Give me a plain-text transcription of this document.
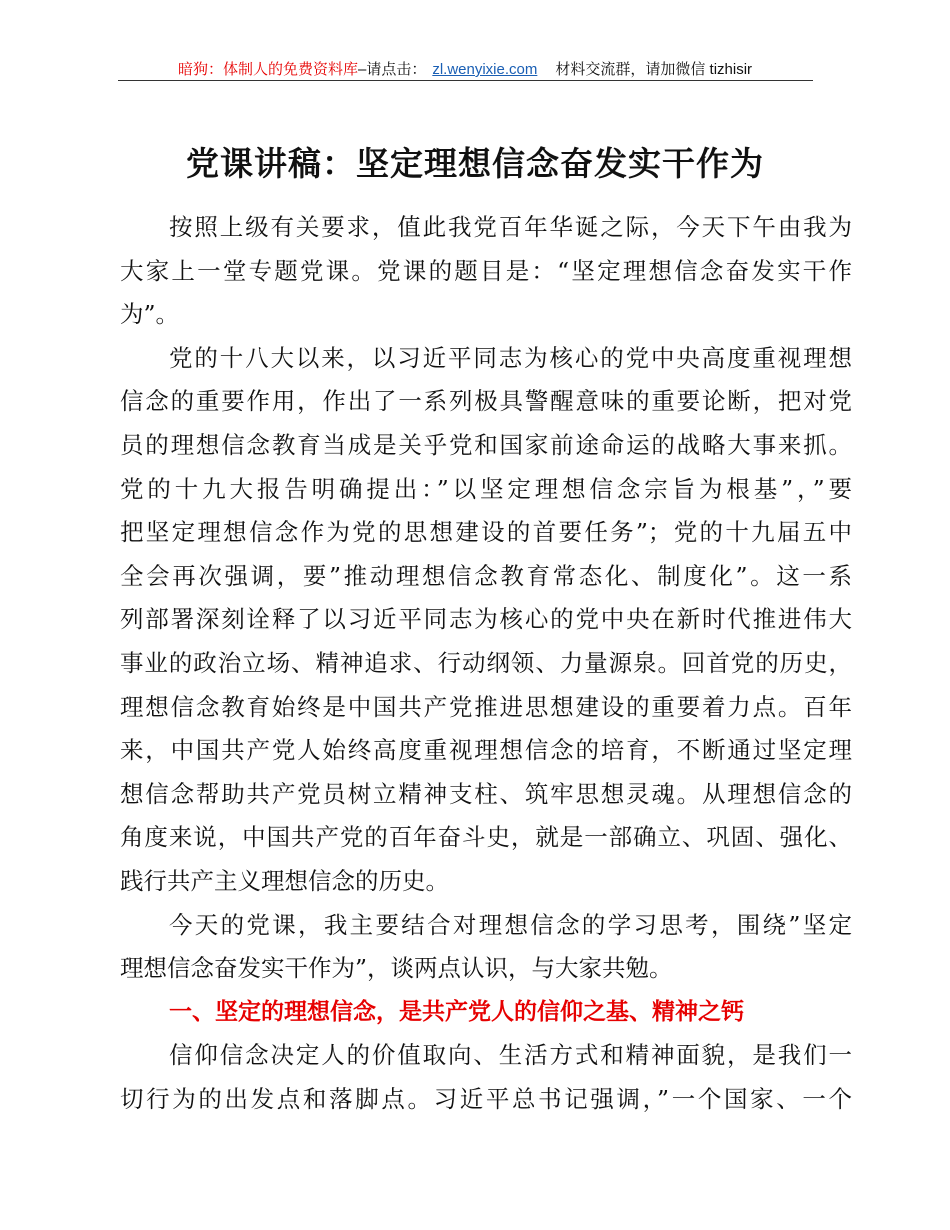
暗狗：体制人的免费资料库–请点击： zl.wenyixie.com 材料交流群，请加微信 tizhisir
党课讲稿：坚定理想信念奋发实干作为
按照上级有关要求，值此我党百年华诞之际，今天下午由我为
大家上一堂专题党课。党课的题目是：“坚定理想信念奋发实干作
为”。
党的十八大以来，以习近平同志为核心的党中央高度重视理想
信念的重要作用，作出了一系列极具警醒意味的重要论断，把对党
员的理想信念教育当成是关乎党和国家前途命运的战略大事来抓。
党的十九大报告明确提出：”以坚定理想信念宗旨为根基”，”要
把坚定理想信念作为党的思想建设的首要任务”；党的十九届五中
全会再次强调，要”推动理想信念教育常态化、制度化”。这一系
列部署深刻诠释了以习近平同志为核心的党中央在新时代推进伟大
事业的政治立场、精神追求、行动纲领、力量源泉。回首党的历史，
理想信念教育始终是中国共产党推进思想建设的重要着力点。百年
来，中国共产党人始终高度重视理想信念的培育，不断通过坚定理
想信念帮助共产党员树立精神支柱、筑牢思想灵魂。从理想信念的
角度来说，中国共产党的百年奋斗史，就是一部确立、巩固、强化、
践行共产主义理想信念的历史。
今天的党课，我主要结合对理想信念的学习思考，围绕”坚定
理想信念奋发实干作为”，谈两点认识，与大家共勉。
一、坚定的理想信念，是共产党人的信仰之基、精神之钙
信仰信念决定人的价值取向、生活方式和精神面貌，是我们一
切行为的出发点和落脚点。习近平总书记强调，”一个国家、一个
